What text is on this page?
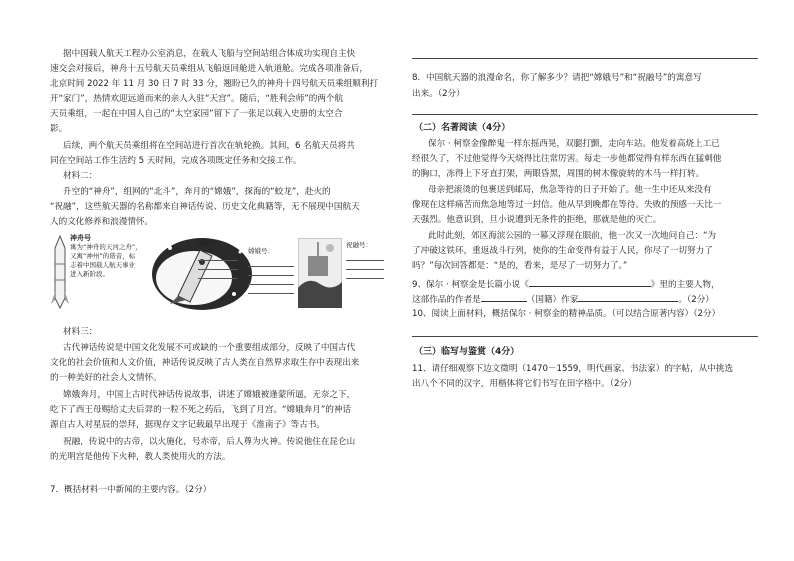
据中国载人航天工程办公室消息，在载人飞船与空间站组合体成功实现自主快
速交会对接后，神舟十五号航天员乘组从飞船返回舱进入轨道舱。完成各项准备后，
北京时间 2022 年 11 月 30 日 7 时 33 分，翘盼已久的神舟十四号航天员乘组顺利打
开“家门”，热情欢迎远道而来的亲人入驻“天宫”。随后，“胜利会师”的两个航
天员乘组，一起在中国人自己的“太空家园”留下了一张足以载入史册的太空合
影。
后续，两个航天员乘组将在空间站进行首次在轨轮换。其间，6 名航天员将共
同在空间站工作生活约 5 天时间，完成各项既定任务和交接工作。
材料二：
升空的“神舟”，组网的“北斗”，奔月的“嫦娥”，探海的“蛟龙”，赴火的
“祝融”，这些航天器的名称都来自神话传说、历史文化典籍等，无不展现中国航天
人的文化修养和浪漫情怀。
神舟号
寓为“神舟的天河之舟”，
又寓“神州”的谐音，标
志着中国载人航天事业
进入新阶段。
祝融号：
嫦娥号：
祝融号：
材料三：
古代神话传说是中国文化发展不可或缺的一个重要组成部分，反映了中国古代
文化的社会价值和人文价值，神话传说反映了古人类在自然界求取生存中表现出来
的一种美好的社会人文情怀。
嫦娥奔月，中国上古时代神话传说故事，讲述了嫦娥被逢蒙所逼，无奈之下，
吃下了西王母赐给丈夫后羿的一粒不死之药后，飞到了月宫。“嫦娥奔月”的神话
源自古人对星辰的崇拜，据现存文字记载最早出现于《淮南子》等古书。
祝融，传说中的古帝，以火施化，号赤帝，后人尊为火神。传说他住在昆仑山
的光明宫是他传下火种，教人类使用火的方法。
7．概括材料一中新闻的主要内容。（2分）
8．中国航天器的浪漫命名，你了解多少？请把“嫦娥号”和“祝融号”的寓意写
出来。（2分）
（二）名著阅读（4分）
保尔 · 柯察金像醉鬼一样东摇西晃，双腿打颤，走向车站。他发着高烧上工已
经很久了，不过他觉得今天烧得比往常厉害。每走一步他都觉得有样东西在猛刺他
的胸口，冻得上下牙直打架，两眼昏黑，周围的树木像旋转的木马一样打转。
母亲把滚烫的包裹送到邮局，焦急等待的日子开始了。他一生中还从来没有
像现在这样痛苦而焦急地等过一封信。他从早到晚都在等待。失败的预感一天比一
天强烈。他意识到，旦小说遭到无条件的拒绝，那就是他的灭亡。
此时此刻，郊区海滨公园的一幕又浮现在眼前，他一次又一次地问自己：“为
了冲破这铁环，重返战斗行列，使你的生命变得有益于人民，你尽了一切努力了
吗？”每次回答都是：“是的，看来，是尽了一切努力了。”
9、保尔 · 柯察金是长篇小说《	》里的主要人物，
这部作品的作者是	（国籍）作家	。（2分）
10、阅读上面材料，概括保尔 · 柯察金的精神品质。（可以结合原著内容）（2分）
（三）临写与鉴赏（4分）
11、请仔细观察下边文徵明（1470－1559，明代画家、书法家）的字帖，从中挑选
出八个不同的汉字，用楷体将它们书写在田字格中。（2分）
